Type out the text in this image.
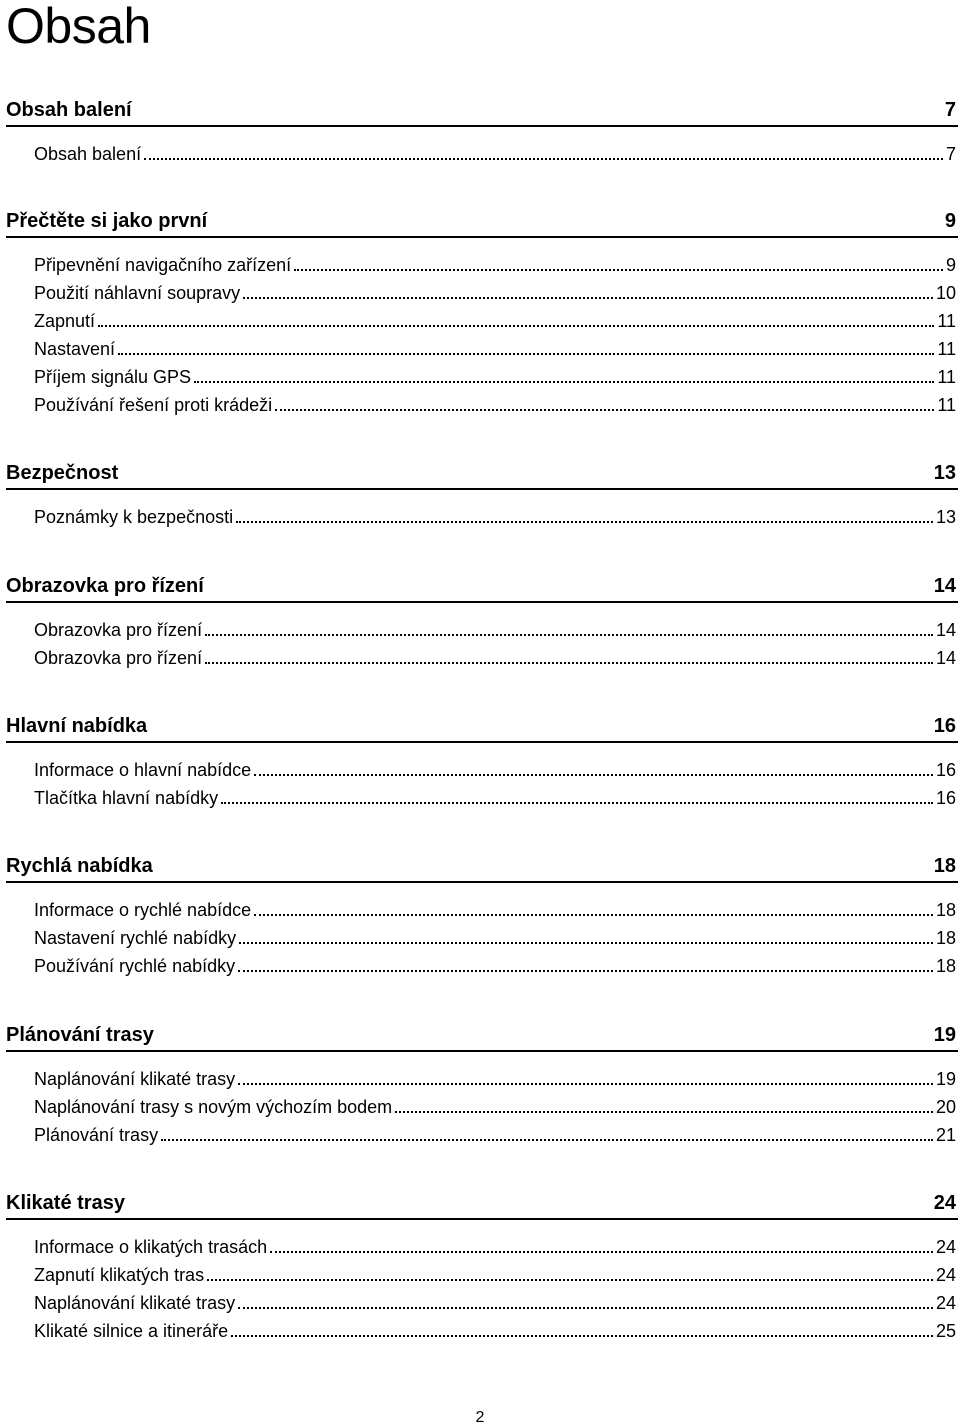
Obsah
Obsah balení	7
Obsah balení	7
Přečtěte si jako první	9
Připevnění navigačního zařízení	9
Použití náhlavní soupravy	10
Zapnutí	11
Nastavení	11
Příjem signálu GPS	11
Používání řešení proti krádeži	11
Bezpečnost	13
Poznámky k bezpečnosti	13
Obrazovka pro řízení	14
Obrazovka pro řízení	14
Obrazovka pro řízení	14
Hlavní nabídka	16
Informace o hlavní nabídce	16
Tlačítka hlavní nabídky	16
Rychlá nabídka	18
Informace o rychlé nabídce	18
Nastavení rychlé nabídky	18
Používání rychlé nabídky	18
Plánování trasy	19
Naplánování klikaté trasy	19
Naplánování trasy s novým výchozím bodem	20
Plánování trasy	21
Klikaté trasy	24
Informace o klikatých trasách	24
Zapnutí klikatých tras	24
Naplánování klikaté trasy	24
Klikaté silnice a itineráře	25
2
